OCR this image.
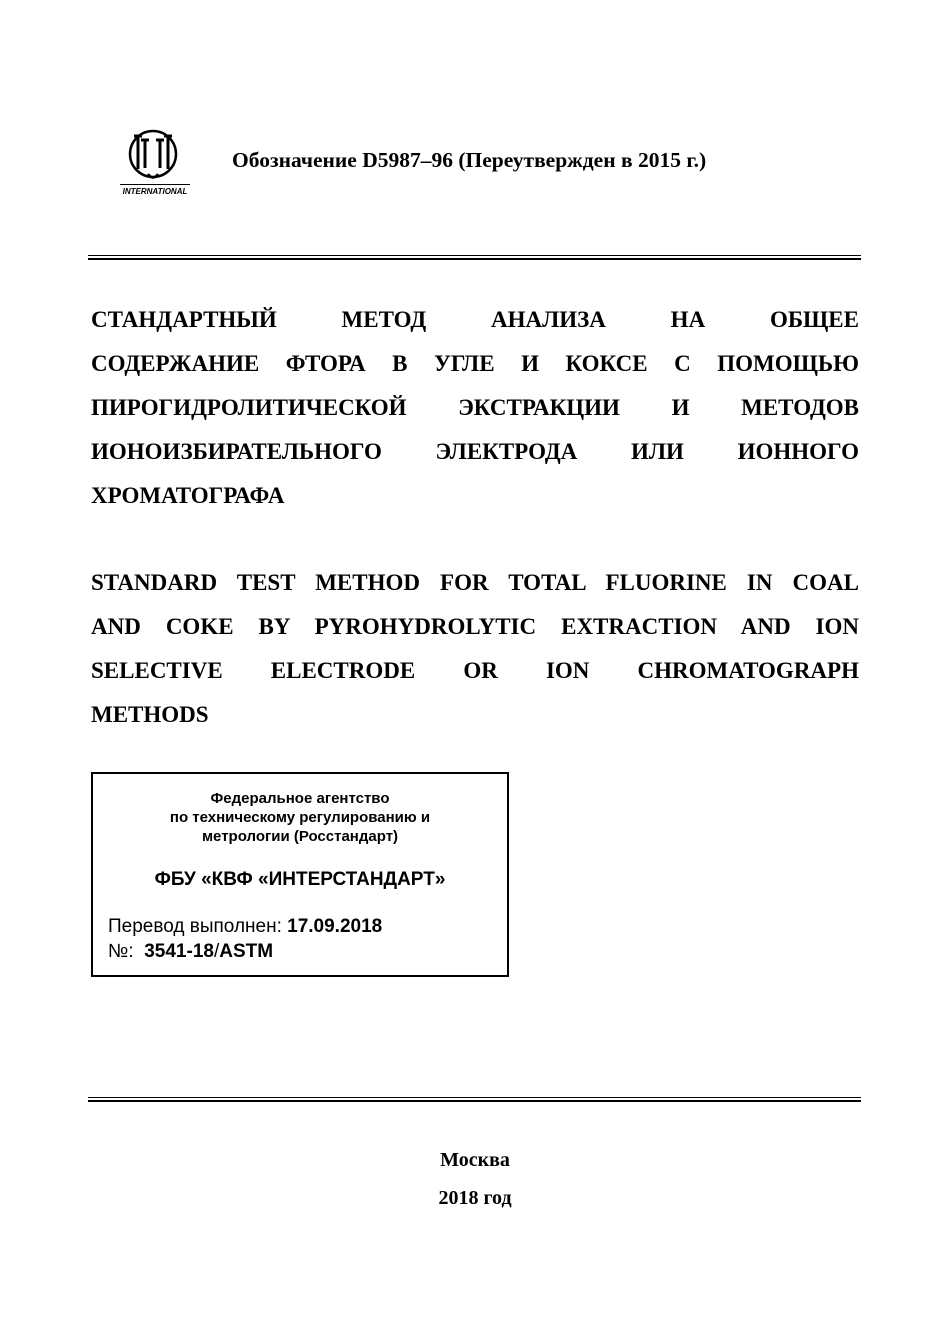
INTERNATIONAL
Обозначение D5987–96 (Переутвержден в 2015 г.)
СТАНДАРТНЫЙ МЕТОД АНАЛИЗА НА ОБЩЕЕ
СОДЕРЖАНИЕ ФТОРА В УГЛЕ И КОКСЕ С ПОМОЩЬЮ
ПИРОГИДРОЛИТИЧЕСКОЙ ЭКСТРАКЦИИ И МЕТОДОВ
ИОНОИЗБИРАТЕЛЬНОГО ЭЛЕКТРОДА ИЛИ ИОННОГО
ХРОМАТОГРАФА
STANDARD TEST METHOD FOR TOTAL FLUORINE IN COAL
AND COKE BY PYROHYDROLYTIC EXTRACTION AND ION
SELECTIVE ELECTRODE OR ION CHROMATOGRAPH
METHODS
Федеральное агентство
по техническому регулированию и
метрологии (Росстандарт)
ФБУ «КВФ «ИНТЕРСТАНДАРТ»
Перевод выполнен: 17.09.2018
№:  3541-18/ASTM
Москва
2018 год
